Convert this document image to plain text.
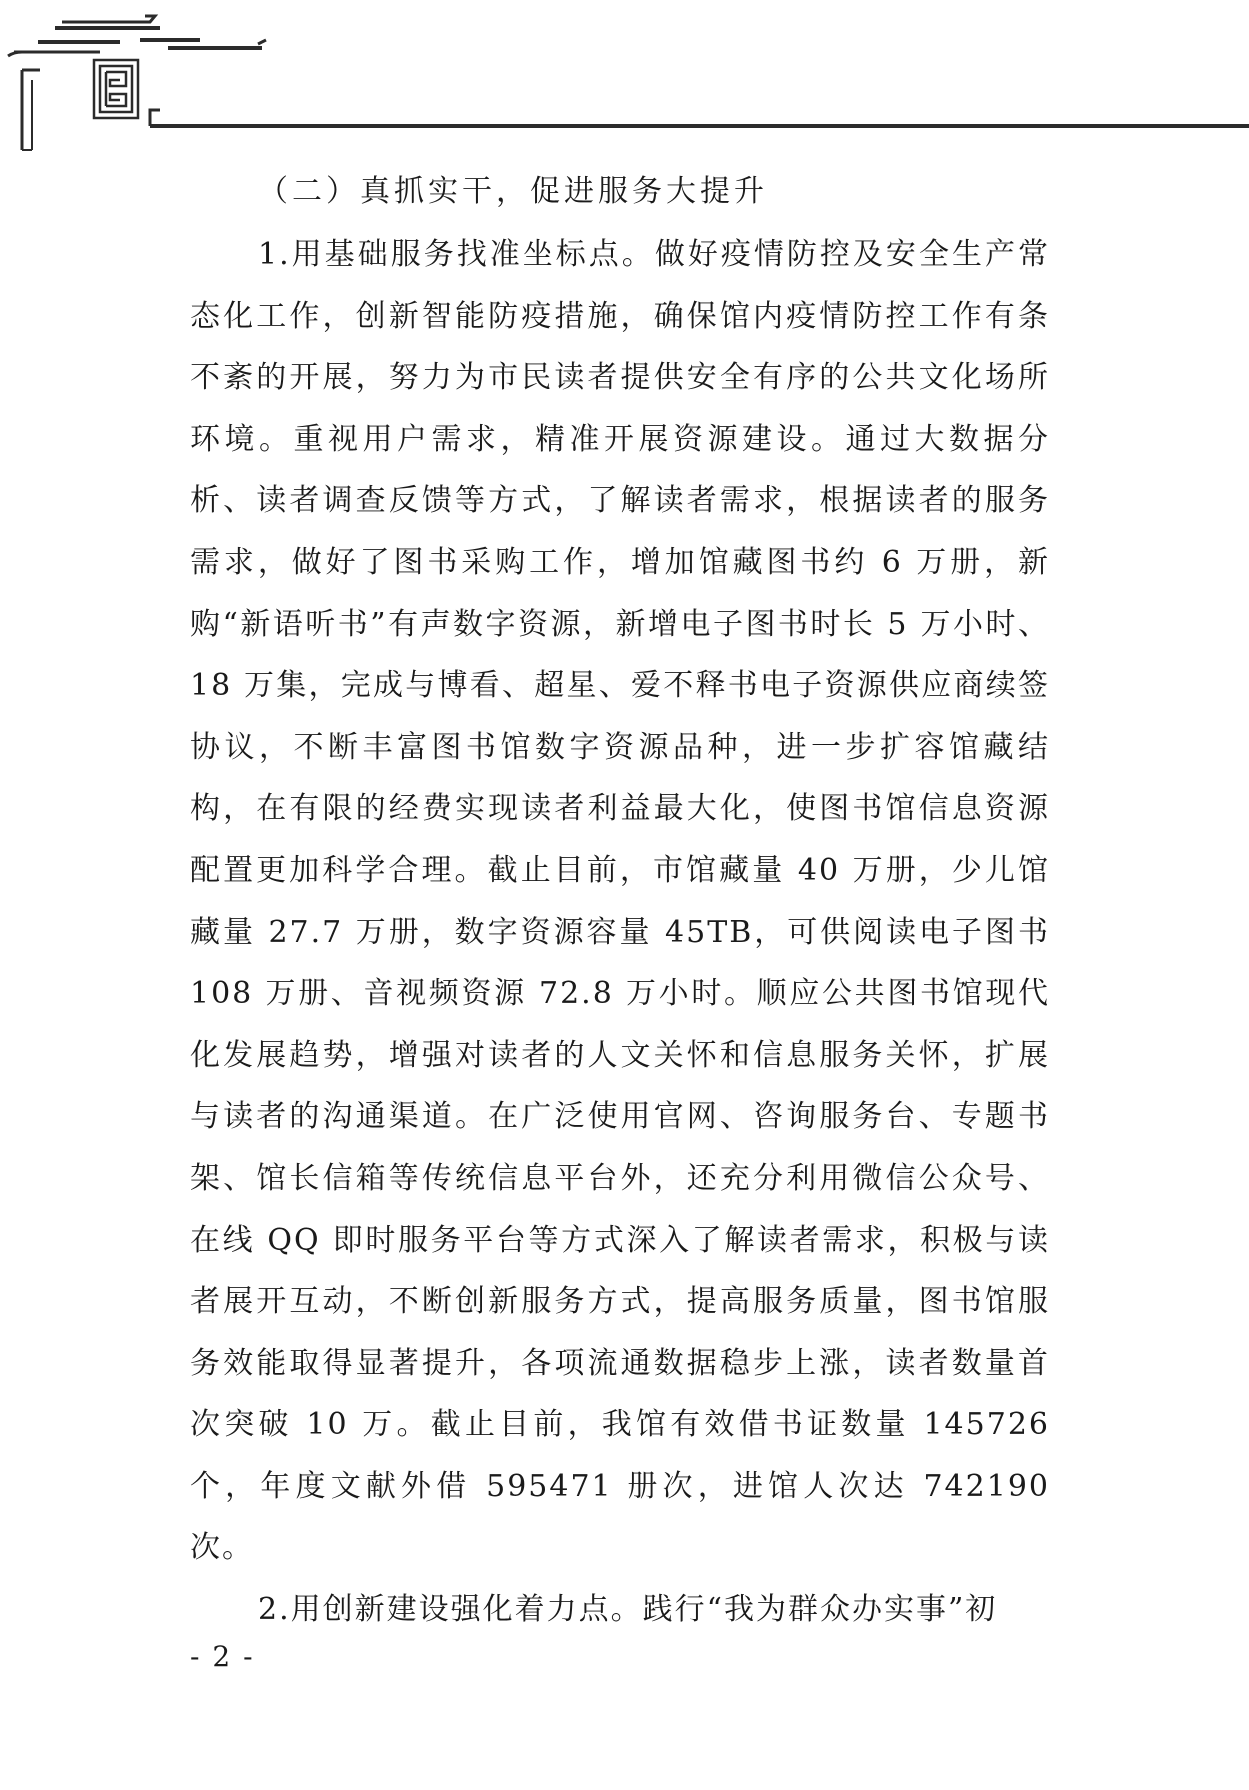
（二）真抓实干，促进服务大提升

1.用基础服务找准坐标点。做好疫情防控及安全生产常态化工作，创新智能防疫措施，确保馆内疫情防控工作有条不紊的开展，努力为市民读者提供安全有序的公共文化场所环境。重视用户需求，精准开展资源建设。通过大数据分析、读者调查反馈等方式，了解读者需求，根据读者的服务需求，做好了图书采购工作，增加馆藏图书约 6 万册，新购“新语听书”有声数字资源，新增电子图书时长 5 万小时、18 万集，完成与博看、超星、爱不释书电子资源供应商续签协议，不断丰富图书馆数字资源品种，进一步扩容馆藏结构，在有限的经费实现读者利益最大化，使图书馆信息资源配置更加科学合理。截止目前，市馆藏量 40 万册，少儿馆藏量 27.7 万册，数字资源容量 45TB，可供阅读电子图书 108 万册、音视频资源 72.8 万小时。顺应公共图书馆现代化发展趋势，增强对读者的人文关怀和信息服务关怀，扩展与读者的沟通渠道。在广泛使用官网、咨询服务台、专题书架、馆长信箱等传统信息平台外，还充分利用微信公众号、在线 QQ 即时服务平台等方式深入了解读者需求，积极与读者展开互动，不断创新服务方式，提高服务质量，图书馆服务效能取得显著提升，各项流通数据稳步上涨，读者数量首次突破 10 万。截止目前，我馆有效借书证数量 145726 个，年度文献外借 595471 册次，进馆人次达 742190 次。

2.用创新建设强化着力点。践行“我为群众办实事”初

- 2 -
